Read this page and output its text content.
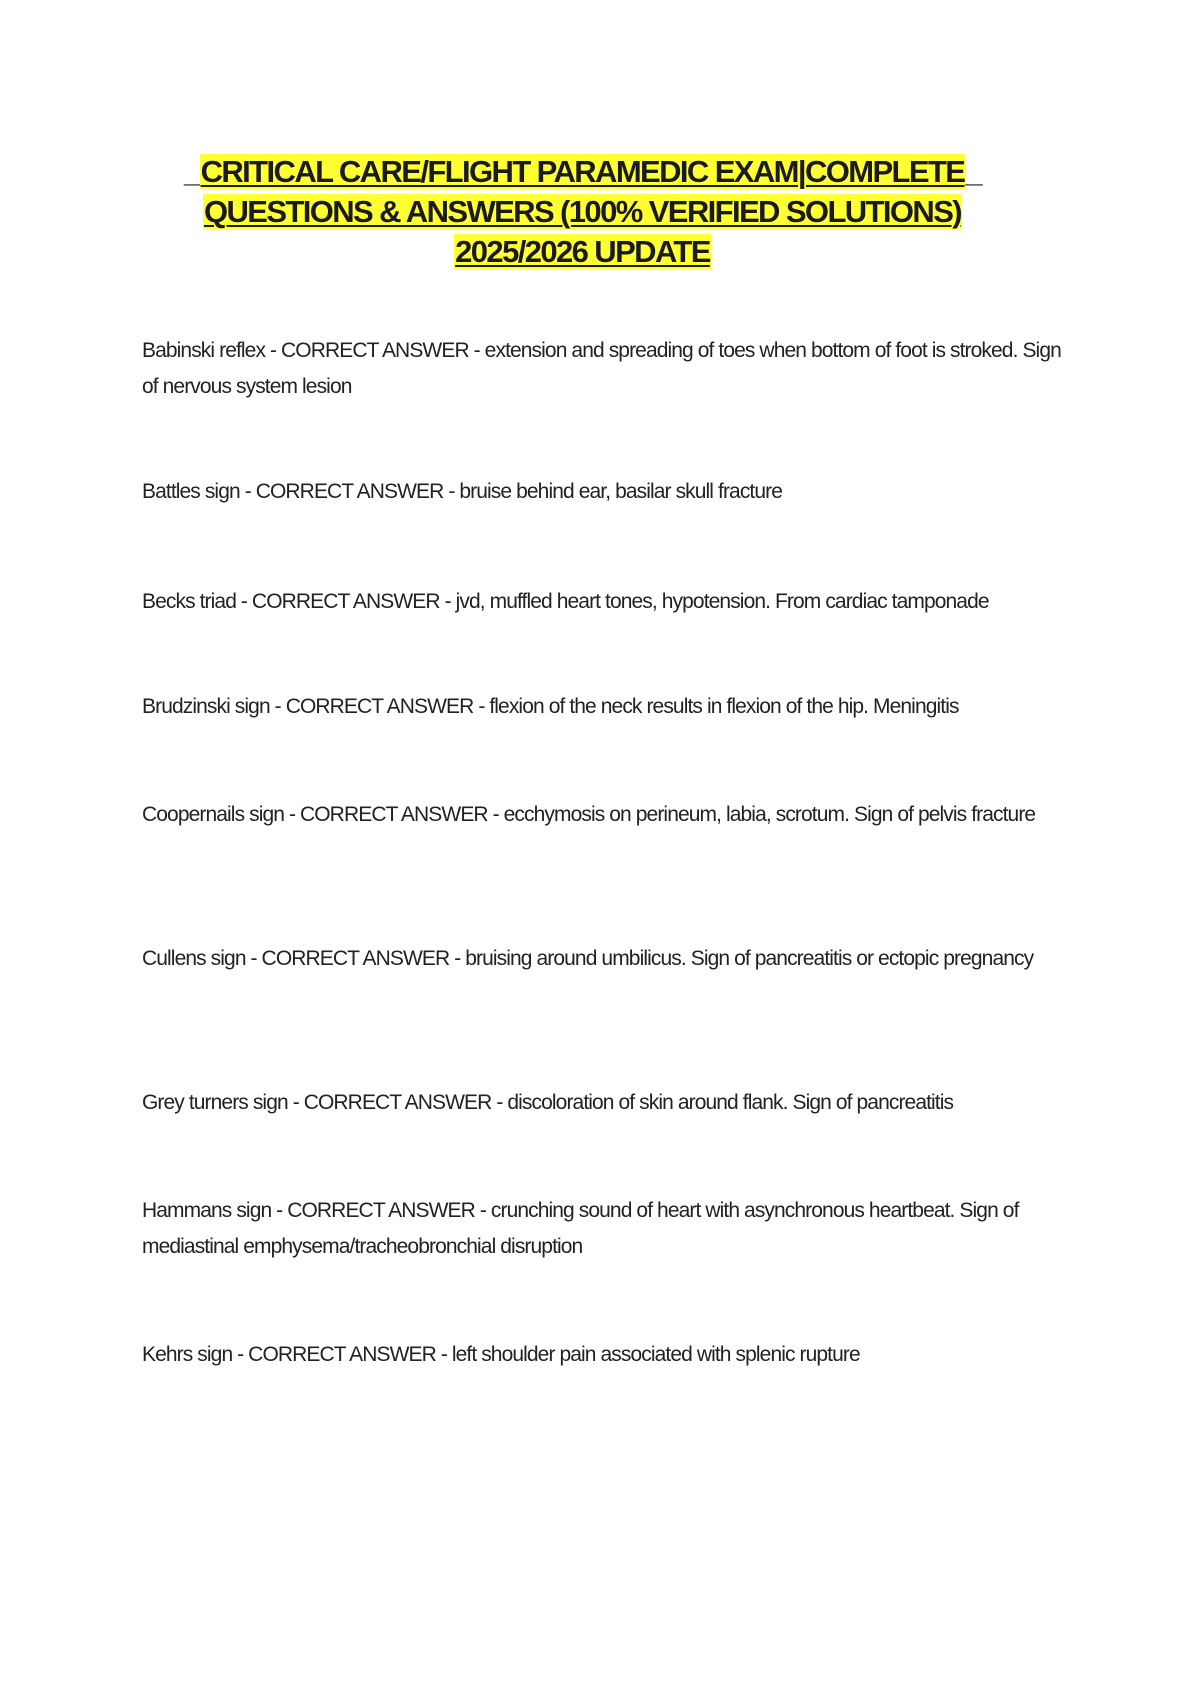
_CRITICAL CARE/FLIGHT PARAMEDIC EXAM|COMPLETE_
QUESTIONS & ANSWERS (100% VERIFIED SOLUTIONS)
2025/2026 UPDATE

Babinski reflex - CORRECT ANSWER - extension and spreading of toes when bottom of foot is stroked. Sign of nervous system lesion

Battles sign - CORRECT ANSWER - bruise behind ear, basilar skull fracture

Becks triad - CORRECT ANSWER - jvd, muffled heart tones, hypotension. From cardiac tamponade

Brudzinski sign - CORRECT ANSWER - flexion of the neck results in flexion of the hip. Meningitis

Coopernails sign - CORRECT ANSWER - ecchymosis on perineum, labia, scrotum. Sign of pelvis fracture

Cullens sign - CORRECT ANSWER - bruising around umbilicus. Sign of pancreatitis or ectopic pregnancy

Grey turners sign - CORRECT ANSWER - discoloration of skin around flank. Sign of pancreatitis

Hammans sign - CORRECT ANSWER - crunching sound of heart with asynchronous heartbeat. Sign of mediastinal emphysema/tracheobronchial disruption

Kehrs sign - CORRECT ANSWER - left shoulder pain associated with splenic rupture
